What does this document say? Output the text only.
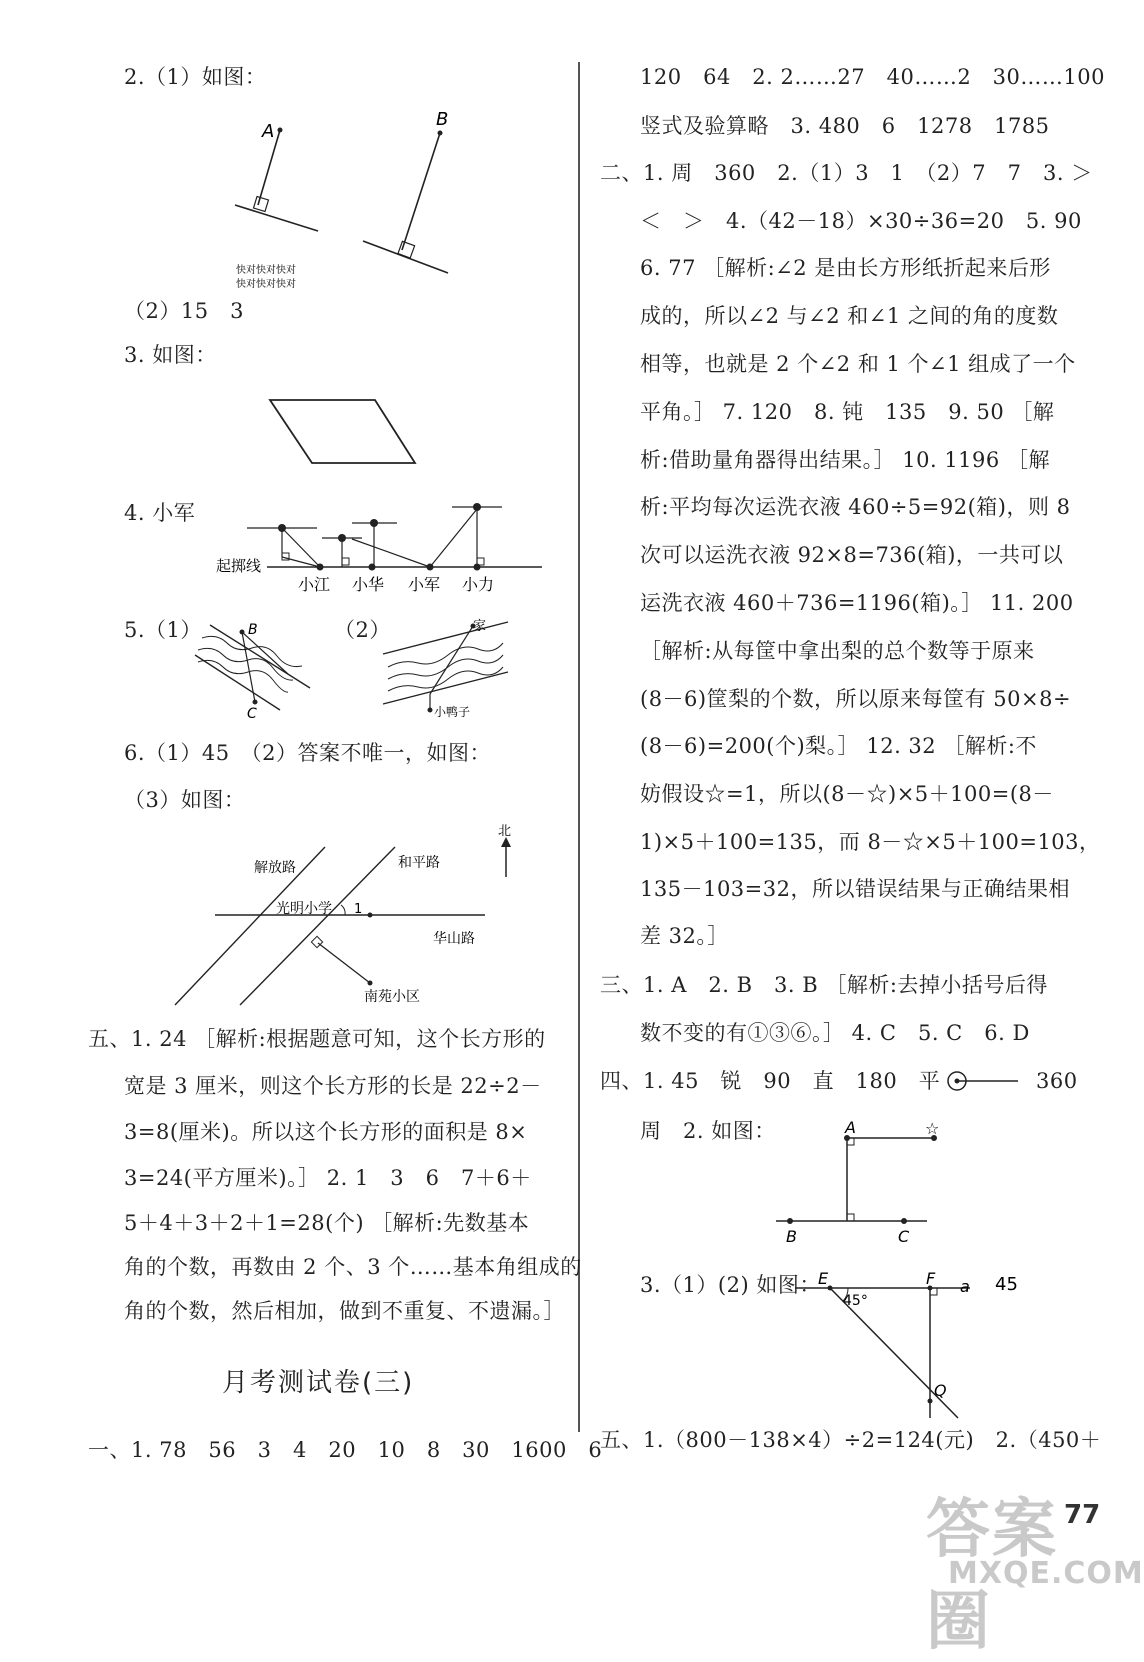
2.（1）如图：
A
B
快对快对快对
快对快对快对
（2）15　3
3. 如图：
4. 小军
起掷线
小江 小华 小军 小力
5.（1）	（2）
B
C
家
小鸭子
6.（1）45　（2）答案不唯一，如图：
（3）如图：
北
解放路	和平路
光明小学 1
华山路
南苑小区
五、1. 24 ［解析:根据题意可知，这个长方形的
宽是 3 厘米，则这个长方形的长是 22÷2－
3=8(厘米)。所以这个长方形的面积是 8×
3=24(平方厘米)。］ 2. 1　3　6　7＋6＋
5＋4＋3＋2＋1=28(个) ［解析:先数基本
角的个数，再数由 2 个、3 个……基本角组成的
角的个数，然后相加，做到不重复、不遗漏。］
月考测试卷(三)
一、1. 78　56　3　4　20　10　8　30　1600　6
120　64　2. 2……27　40……2　30……100
竖式及验算略　3. 480　6　1278　1785
二、1. 周　360　2.（1）3　1　（2）7　7　3. ＞
＜　＞　4.（42－18）×30÷36=20　5. 90
6. 77 ［解析:∠2 是由长方形纸折起来后形
成的，所以∠2 与∠2 和∠1 之间的角的度数
相等，也就是 2 个∠2 和 1 个∠1 组成了一个
平角。］ 7. 120　8. 钝　135　9. 50 ［解
析:借助量角器得出结果。］ 10. 1196 ［解
析:平均每次运洗衣液 460÷5=92(箱)，则 8
次可以运洗衣液 92×8=736(箱)，一共可以
运洗衣液 460＋736=1196(箱)。］ 11. 200
［解析:从每筐中拿出梨的总个数等于原来
(8－6)筐梨的个数，所以原来每筐有 50×8÷
(8－6)=200(个)梨。］ 12. 32 ［解析:不
妨假设☆=1，所以(8－☆)×5＋100=(8－
1)×5＋100=135，而 8－☆×5＋100=103，
135－103=32，所以错误结果与正确结果相
差 32。］
三、1. A　2. B　3. B ［解析:去掉小括号后得
数不变的有①③⑥。］ 4. C　5. C　6. D
四、1. 45　锐　90　直　180　平	360
周　2. 如图：	A	☆
B	C
3.（1）(2) 如图：
E	F a 45
45°
Q
五、1.（800－138×4）÷2=124(元)　2.（450＋
答案圈
MXQE.COM
77
